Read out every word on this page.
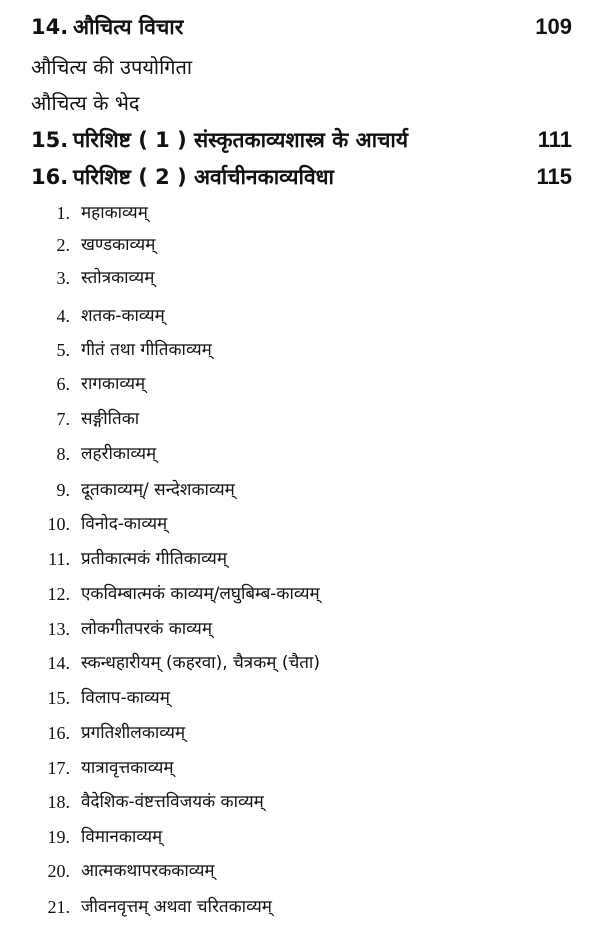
14. औचित्य विचार	109
औचित्य की उपयोगिता
औचित्य के भेद
15. परिशिष्ट ( 1 ) संस्कृतकाव्यशास्त्र के आचार्य	111
16. परिशिष्ट ( 2 ) अर्वाचीनकाव्यविधा	115
1. महाकाव्यम्
2. खण्डकाव्यम्
3. स्तोत्रकाव्यम्
4. शतक-काव्यम्
5. गीतं तथा गीतिकाव्यम्
6. रागकाव्यम्
7. सङ्गीतिका
8. लहरीकाव्यम्
9. दूतकाव्यम्/ सन्देशकाव्यम्
10. विनोद-काव्यम्
11. प्रतीकात्मकं गीतिकाव्यम्
12. एकविम्बात्मकं काव्यम्/लघुबिम्ब-काव्यम्
13. लोकगीतपरकं काव्यम्
14. स्कन्धहारीयम् (कहरवा), चैत्रकम् (चैता)
15. विलाप-काव्यम्
16. प्रगतिशीलकाव्यम्
17. यात्रावृत्तकाव्यम्
18. वैदेशिक-वंष्टत्तविजयकं काव्यम्
19. विमानकाव्यम्
20. आत्मकथापरककाव्यम्
21. जीवनवृत्तम् अथवा चरितकाव्यम्
